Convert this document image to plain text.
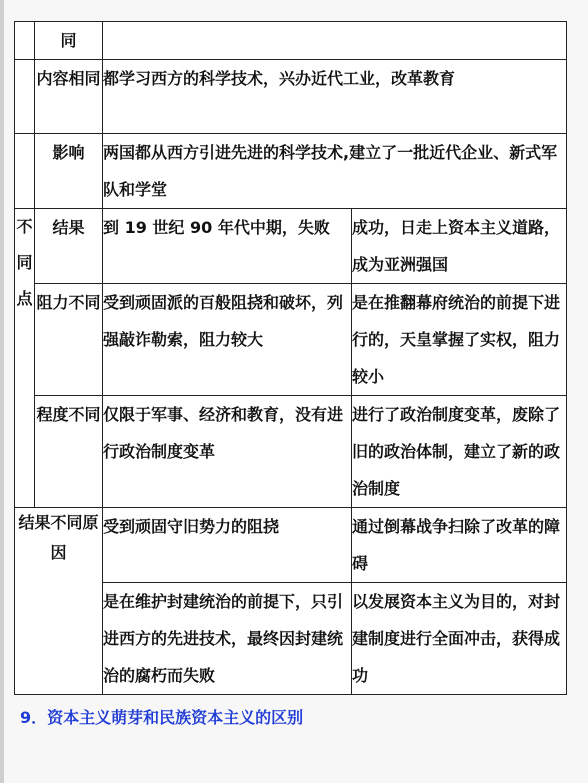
	同		
	内容相同	都学习西方的科学技术，兴办近代工业，改革教育	
	影响	两国都从西方引进先进的科学技术,建立了一批近代企业、新式军队和学堂	

不同点	结果	到 19 世纪 90 年代中期，失败	成功，日走上资本主义道路，成为亚洲强国
	阻力不同	受到顽固派的百般阻挠和破坏，列强敲诈勒索，阻力较大	是在推翻幕府统治的前提下进行的，天皇掌握了实权，阻力较小
	程度不同	仅限于军事、经济和教育，没有进行政治制度变革	进行了政治制度变革，废除了旧的政治体制，建立了新的政治制度

结果不同原因		受到顽固守旧势力的阻挠	通过倒幕战争扫除了改革的障碍
		是在维护封建统治的前提下，只引进西方的先进技术，最终因封建统治的腐朽而失败	以发展资本主义为目的，对封建制度进行全面冲击，获得成功
9．资本主义萌芽和民族资本主义的区别
